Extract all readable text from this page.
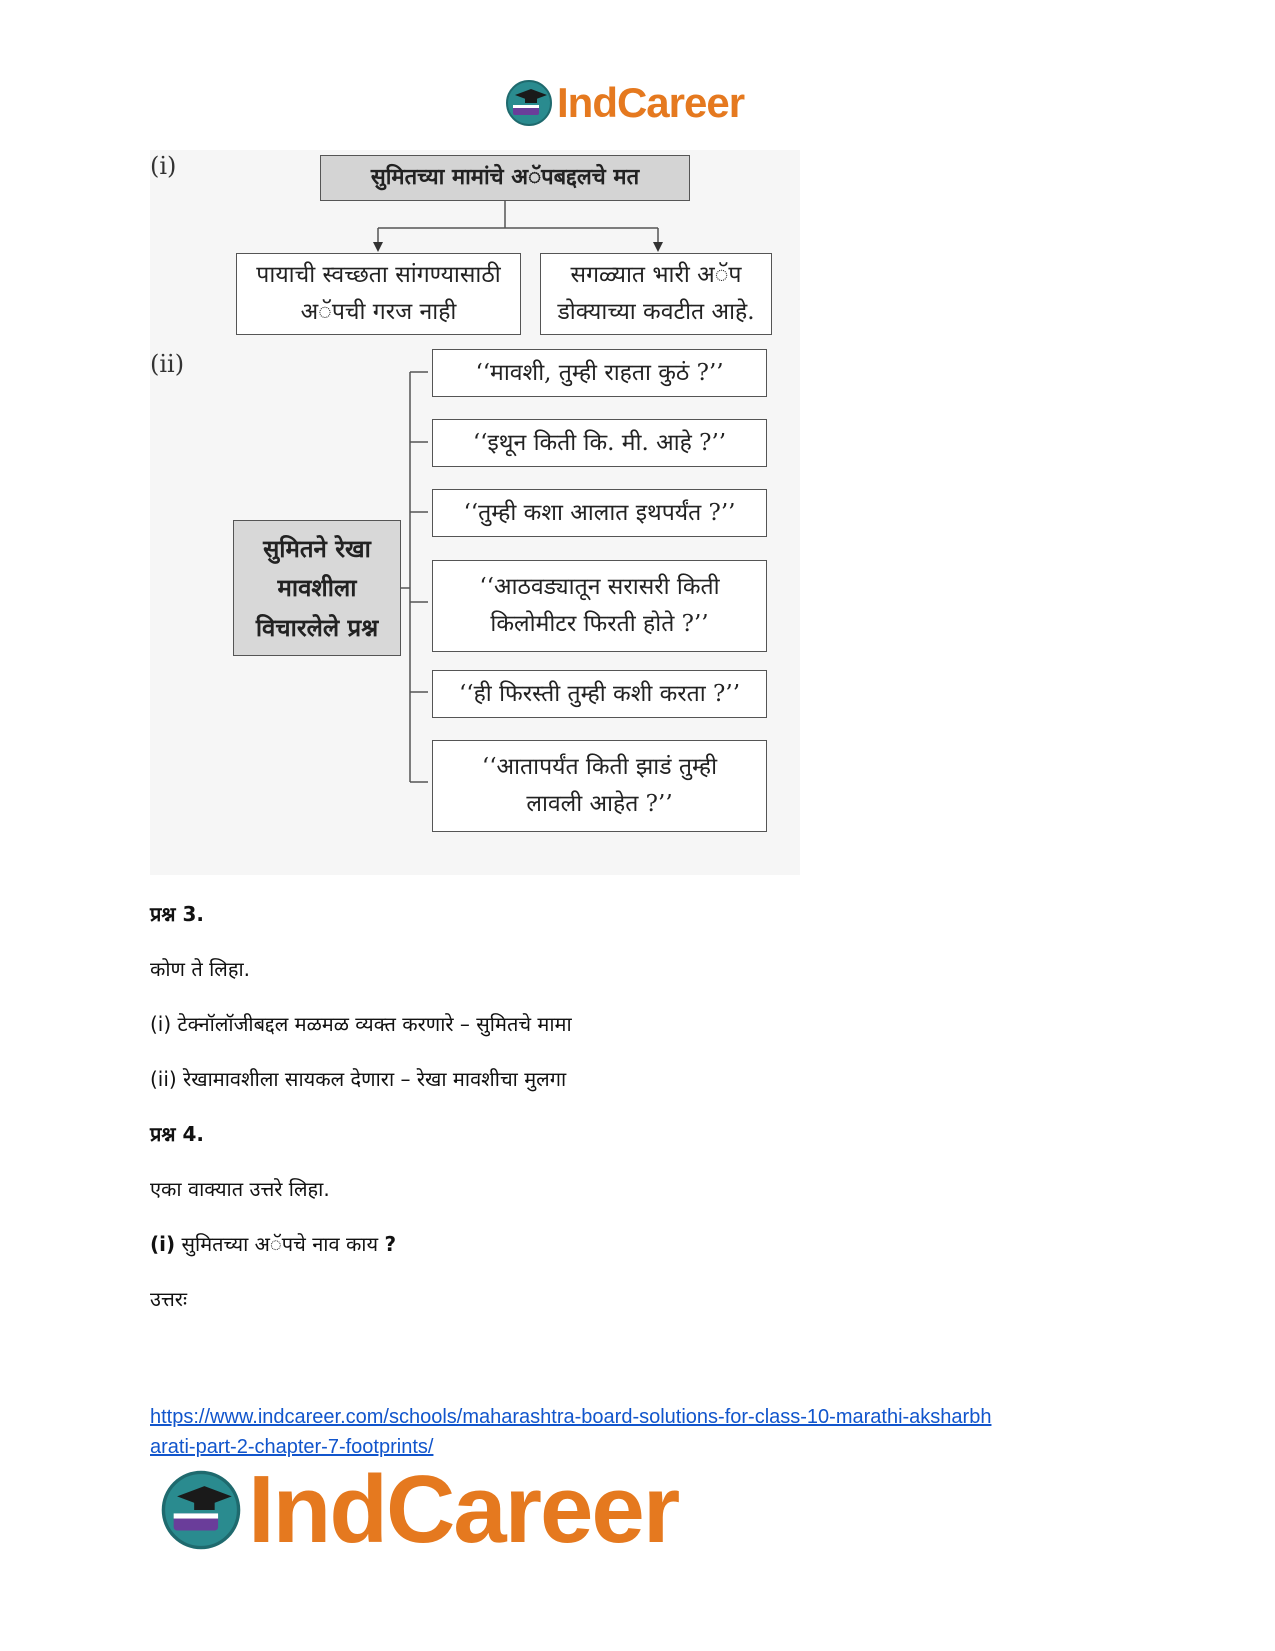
IndCareer
(i)
(ii)
सुमितच्या मामांचे अॅपबद्दलचे मत
पायाची स्वच्छता सांगण्यासाठी
अॅपची गरज नाही
सगळ्यात भारी अॅप
डोक्याच्या कवटीत आहे.
सुमितने रेखा
मावशीला
विचारलेले प्रश्न
‘‘मावशी, तुम्ही राहता कुठं ?’’
‘‘इथून किती कि. मी. आहे ?’’
‘‘तुम्ही कशा आलात इथपर्यंत ?’’
‘‘आठवड्यातून सरासरी किती
किलोमीटर फिरती होते ?’’
‘‘ही फिरस्ती तुम्ही कशी करता ?’’
‘‘आतापर्यंत किती झाडं तुम्ही
लावली आहेत ?’’
प्रश्न 3.
कोण ते लिहा.
(i) टेक्नॉलॉजीबद्दल मळमळ व्यक्त करणारे – सुमितचे मामा
(ii) रेखामावशीला सायकल देणारा – रेखा मावशीचा मुलगा
प्रश्न 4.
एका वाक्यात उत्तरे लिहा.
(i) सुमितच्या अॅपचे नाव काय ?
उत्तरः
https://www.indcareer.com/schools/maharashtra-board-solutions-for-class-10-marathi-aksharbh
arati-part-2-chapter-7-footprints/
IndCareer
